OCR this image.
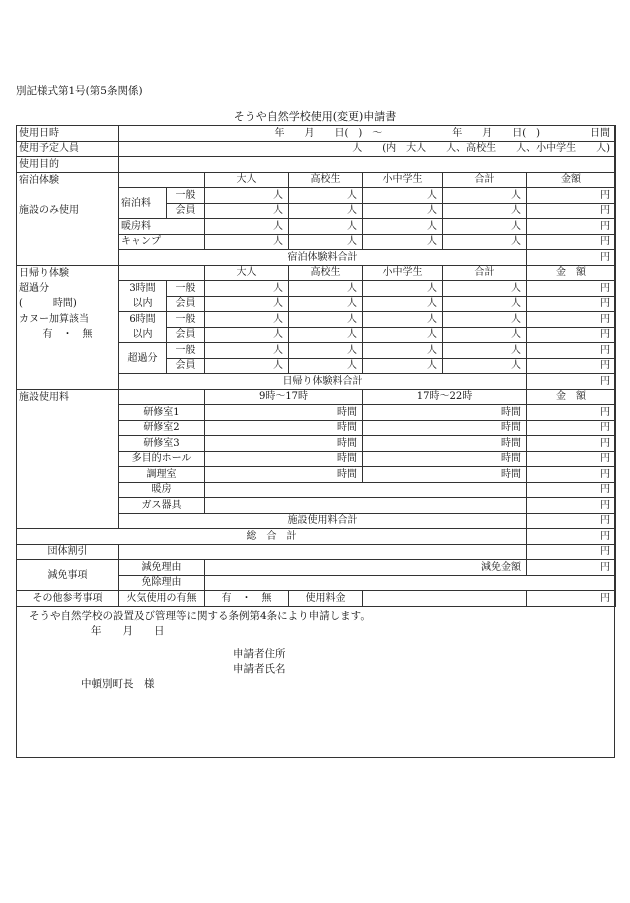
別記様式第1号(第5条関係)
そうや自然学校使用(変更)申請書
使用日時	年　　月　　日(　)　～　　　　　　　年　　月　　日(　)　　　　　日間						
使用予定人員	人　　(内　大人　　人、高校生　　人、小中学生　　人)						
使用目的							
宿泊体験			大人	高校生	小中学生	合計	金額
	宿泊料	一般	人	人	人	人	円
施設のみ使用		会員	人	人	人	人	円
	暖房料		人	人	人	人	円
	キャンプ		人	人	人	人	円
	宿泊体験料合計						円
日帰り体験			大人	高校生	小中学生	合計	金　額
超過分	3時間	一般	人	人	人	人	円
(　　　時間)	以内	会員	人	人	人	人	円
カヌー加算該当	6時間	一般	人	人	人	人	円
有　・　無	以内	会員	人	人	人	人	円
	超過分	一般	人	人	人	人	円
		会員	人	人	人	人	円
	日帰り体験料合計						円
施設使用料			9時～17時		17時～22時		金　額
	研修室1		時間		時間		円
	研修室2		時間		時間		円
	研修室3		時間		時間		円
	多目的ホール		時間		時間		円
	調理室		時間		時間		円
	暖房						円
	ガス器具						円
	施設使用料合計						円
総　合　計							円
団体割引							円
減免事項	減免理由		減免金額				円
	免除理由						
その他参考事項	火気使用の有無		有　・　無	使用料金			円
そうや自然学校の設置及び管理等に関する条例第4条により申請します。
年　　月　　日
申請者住所
申請者氏名
中頓別町長　様
